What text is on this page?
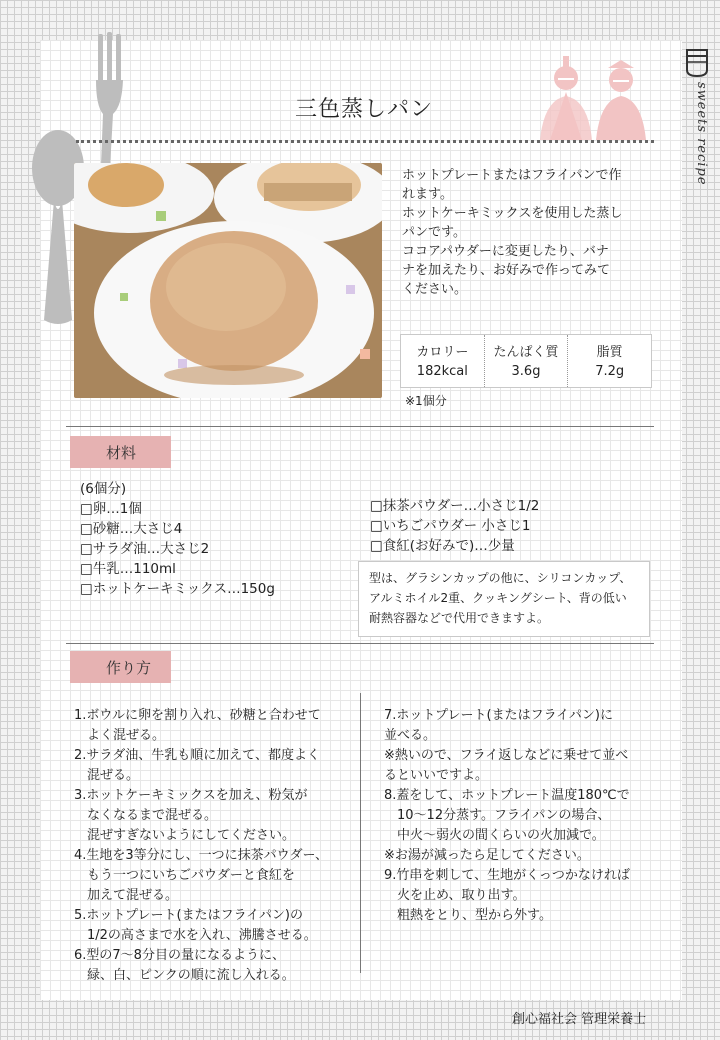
sweets recipe
三色蒸しパン
ホットプレートまたはフライパンで作
れます。
ホットケーキミックスを使用した蒸し
パンです。
ココアパウダーに変更したり、バナ
ナを加えたり、お好みで作ってみて
ください。
カロリー
182kcal
たんぱく質
3.6g
脂質
7.2g
※1個分
材料
(6個分)
□卵…1個
□砂糖…大さじ4
□サラダ油…大さじ2
□牛乳…110ml
□ホットケーキミックス…150g
□抹茶パウダー…小さじ1/2
□いちごパウダー 小さじ1
□食紅(お好みで)…少量
型は、グラシンカップの他に、シリコンカップ、
アルミホイル2重、クッキングシート、背の低い
耐熱容器などで代用できますよ。
作り方
1.ボウルに卵を割り入れ、砂糖と合わせて
　よく混ぜる。
2.サラダ油、牛乳も順に加えて、都度よく
　混ぜる。
3.ホットケーキミックスを加え、粉気が
　なくなるまで混ぜる。
　混ぜすぎないようにしてください。
4.生地を3等分にし、一つに抹茶パウダー、
　もう一つにいちごパウダーと食紅を
　加えて混ぜる。
5.ホットプレート(またはフライパン)の
　1/2の高さまで水を入れ、沸騰させる。
6.型の7～8分目の量になるように、
　緑、白、ピンクの順に流し入れる。
7.ホットプレート(またはフライパン)に
並べる。
※熱いので、フライ返しなどに乗せて並べ
るといいですよ。
8.蓋をして、ホットプレート温度180℃で
　10～12分蒸す。フライパンの場合、
　中火～弱火の間くらいの火加減で。
※お湯が減ったら足してください。
9.竹串を刺して、生地がくっつかなければ
　火を止め、取り出す。
　粗熱をとり、型から外す。
創心福社会 管理栄養士
